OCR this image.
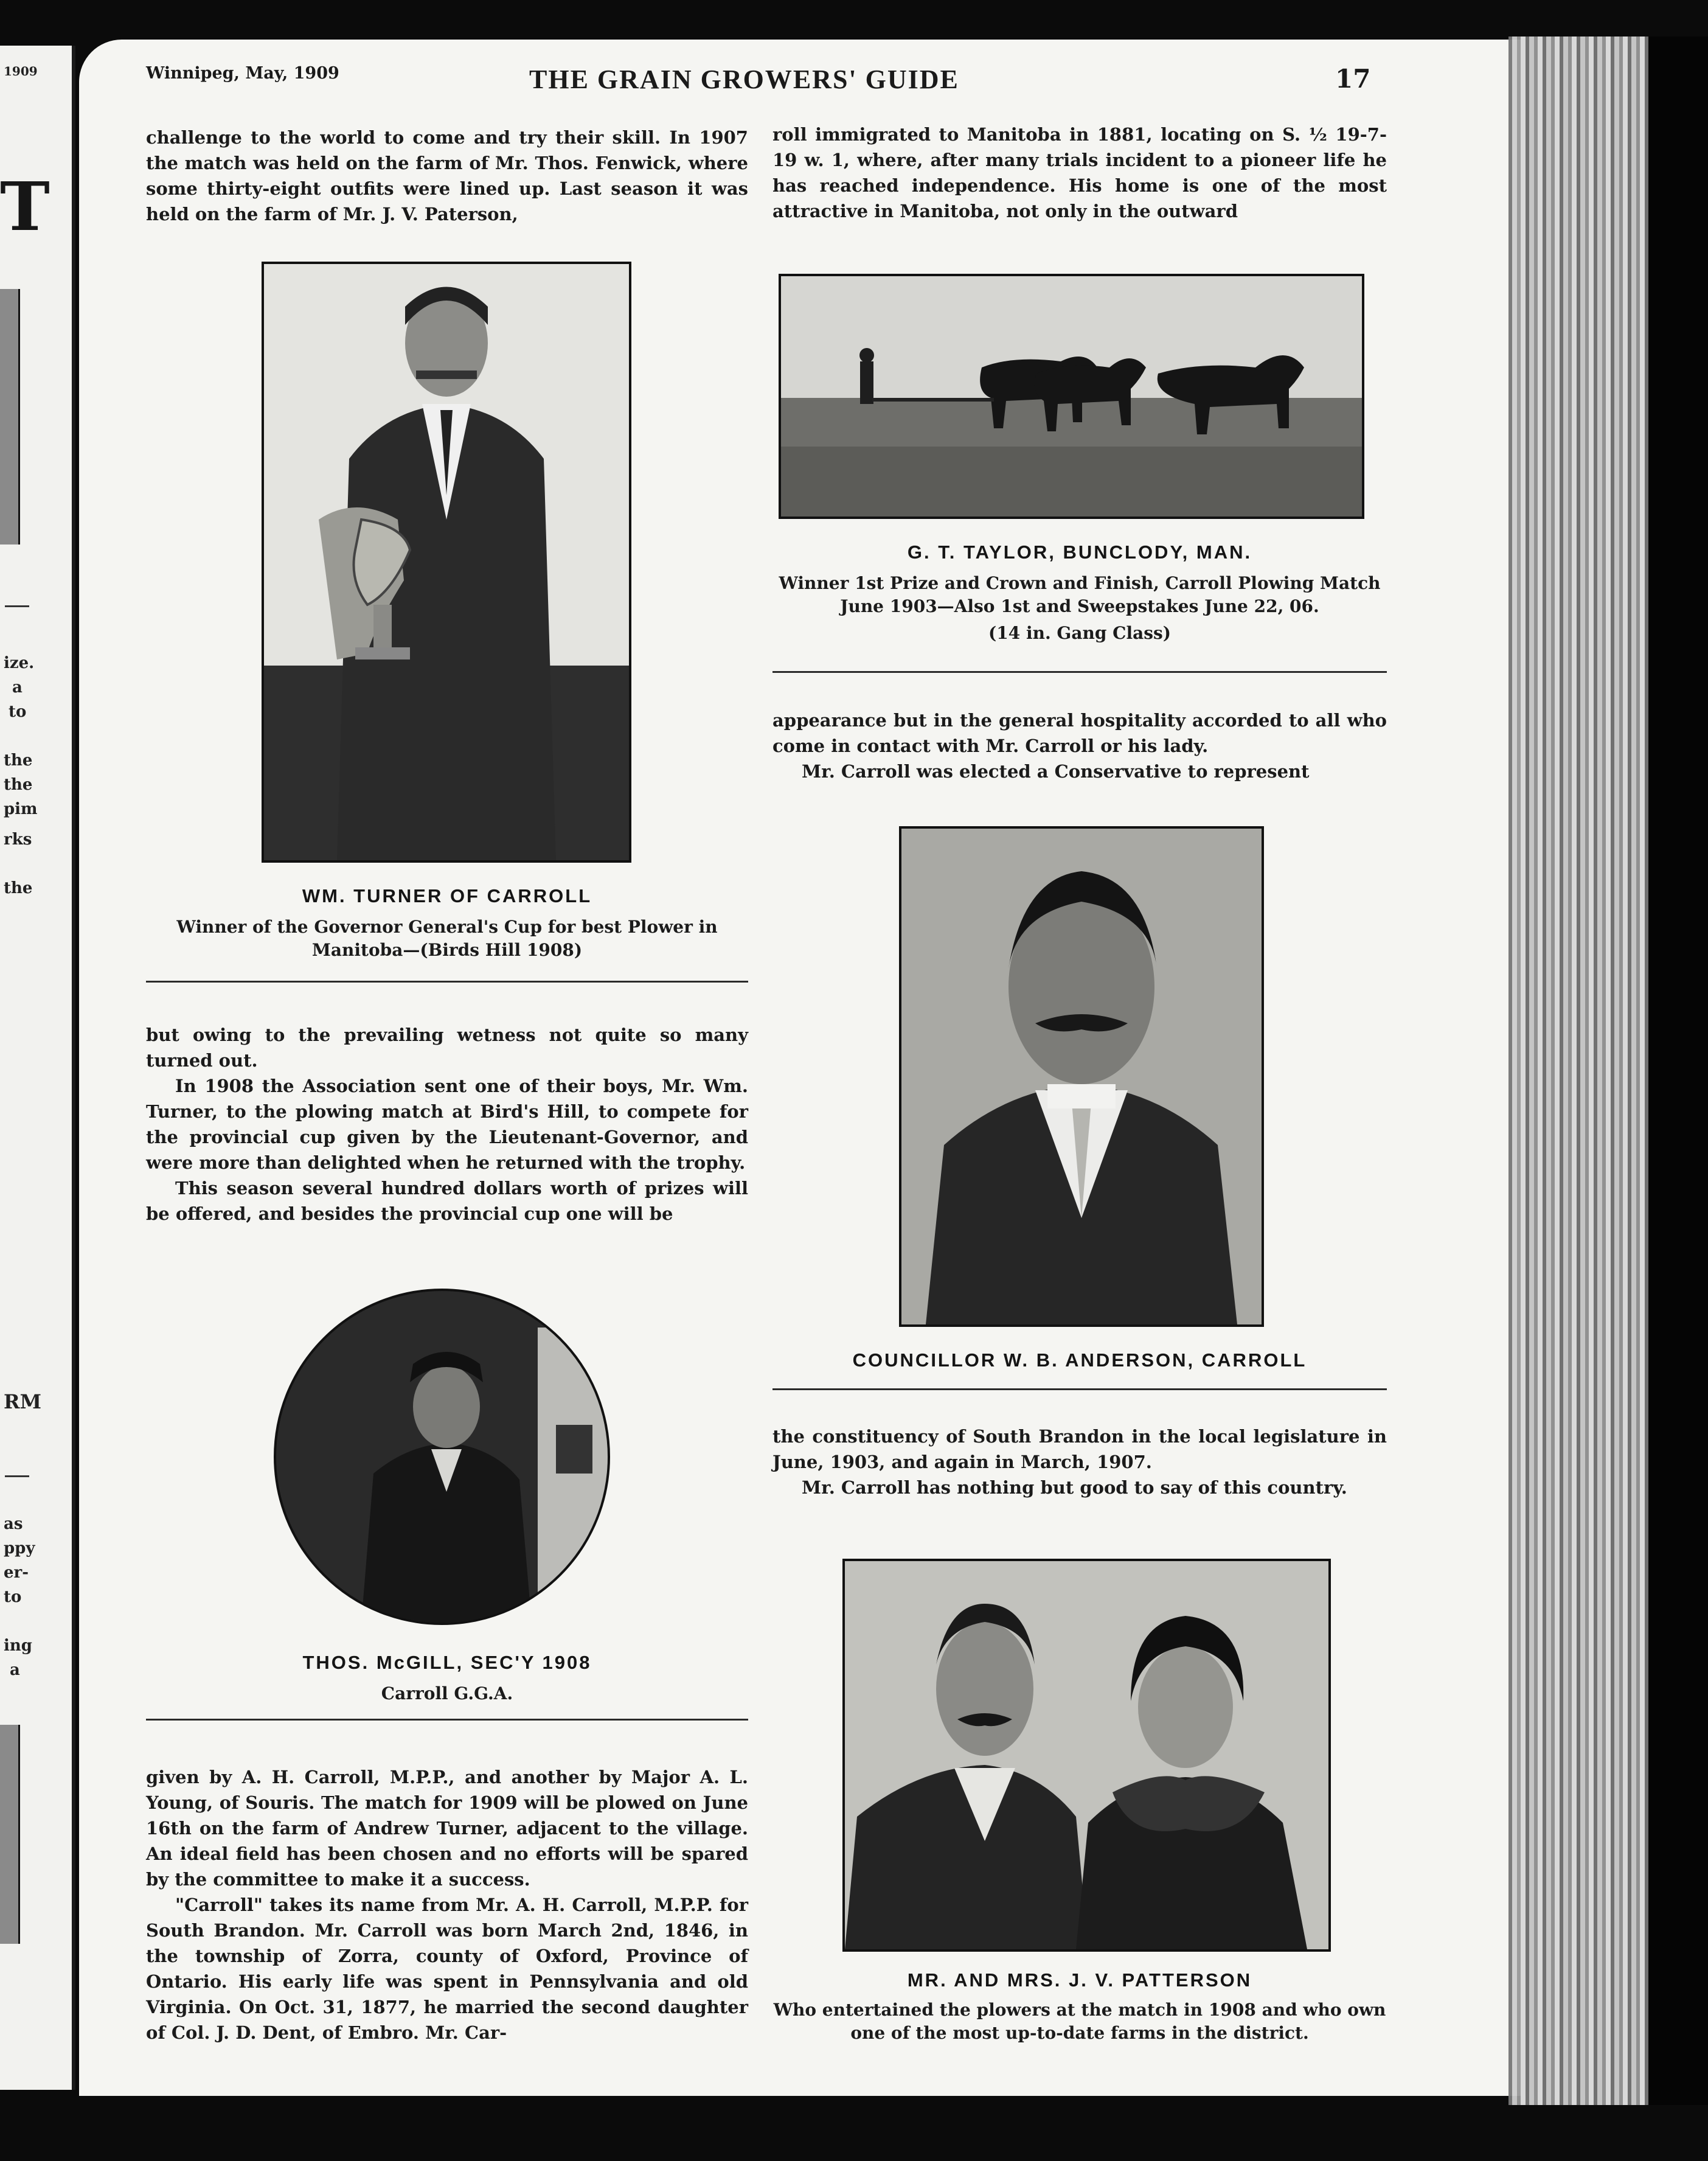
1909
T
ize.
a
to
the
the
pim
rks
the
RM
as
ppy
er-
to
ing
a
Winnipeg, May, 1909	THE GRAIN GROWERS' GUIDE	17

challenge to the world to come and try their skill. In 1907 the match was held on the farm of Mr. Thos. Fenwick, where some thirty-eight outfits were lined up. Last season it was held on the farm of Mr. J. V. Paterson,

WM. TURNER OF CARROLL
Winner of the Governor General's Cup for best Plower in Manitoba—(Birds Hill 1908)

but owing to the prevailing wetness not quite so many turned out.

In 1908 the Association sent one of their boys, Mr. Wm. Turner, to the plowing match at Bird's Hill, to compete for the provincial cup given by the Lieutenant-Governor, and were more than delighted when he returned with the trophy.

This season several hundred dollars worth of prizes will be offered, and besides the provincial cup one will be

THOS. McGILL, SEC'Y 1908
Carroll G.G.A.

given by A. H. Carroll, M.P.P., and another by Major A. L. Young, of Souris. The match for 1909 will be plowed on June 16th on the farm of Andrew Turner, adjacent to the village. An ideal field has been chosen and no efforts will be spared by the committee to make it a success.

"Carroll" takes its name from Mr. A. H. Carroll, M.P.P. for South Brandon. Mr. Carroll was born March 2nd, 1846, in the township of Zorra, county of Oxford, Province of Ontario. His early life was spent in Pennsylvania and old Virginia. On Oct. 31, 1877, he married the second daughter of Col. J. D. Dent, of Embro. Mr. Car-

roll immigrated to Manitoba in 1881, locating on S. ½ 19-7-19 w. 1, where, after many trials incident to a pioneer life he has reached independence. His home is one of the most attractive in Manitoba, not only in the outward

G. T. TAYLOR, BUNCLODY, MAN.
Winner 1st Prize and Crown and Finish, Carroll Plowing Match June 1903—Also 1st and Sweepstakes June 22, 06.
(14 in. Gang Class)

appearance but in the general hospitality accorded to all who come in contact with Mr. Carroll or his lady.

Mr. Carroll was elected a Conservative to represent

COUNCILLOR W. B. ANDERSON, CARROLL

the constituency of South Brandon in the local legislature in June, 1903, and again in March, 1907.

Mr. Carroll has nothing but good to say of this country.

MR. AND MRS. J. V. PATTERSON
Who entertained the plowers at the match in 1908 and who own one of the most up-to-date farms in the district.
